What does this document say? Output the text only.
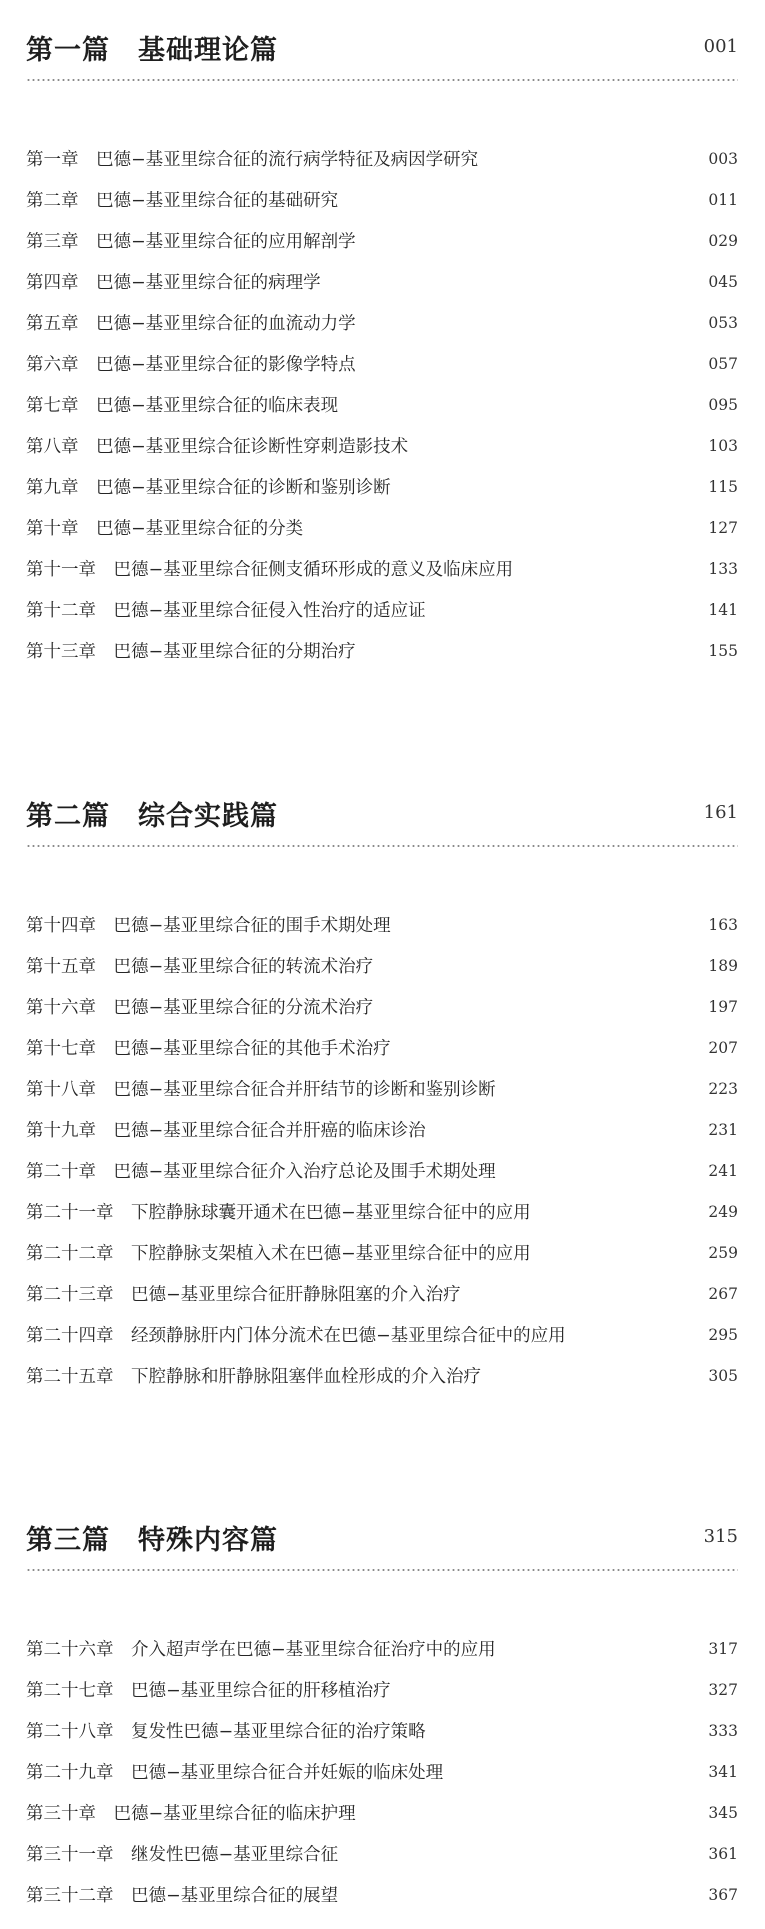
第一篇　基础理论篇	001
第一章　巴德−基亚里综合征的流行病学特征及病因学研究	003
第二章　巴德−基亚里综合征的基础研究	011
第三章　巴德−基亚里综合征的应用解剖学	029
第四章　巴德−基亚里综合征的病理学	045
第五章　巴德−基亚里综合征的血流动力学	053
第六章　巴德−基亚里综合征的影像学特点	057
第七章　巴德−基亚里综合征的临床表现	095
第八章　巴德−基亚里综合征诊断性穿刺造影技术	103
第九章　巴德−基亚里综合征的诊断和鉴别诊断	115
第十章　巴德−基亚里综合征的分类	127
第十一章　巴德−基亚里综合征侧支循环形成的意义及临床应用	133
第十二章　巴德−基亚里综合征侵入性治疗的适应证	141
第十三章　巴德−基亚里综合征的分期治疗	155
第二篇　综合实践篇	161
第十四章　巴德−基亚里综合征的围手术期处理	163
第十五章　巴德−基亚里综合征的转流术治疗	189
第十六章　巴德−基亚里综合征的分流术治疗	197
第十七章　巴德−基亚里综合征的其他手术治疗	207
第十八章　巴德−基亚里综合征合并肝结节的诊断和鉴别诊断	223
第十九章　巴德−基亚里综合征合并肝癌的临床诊治	231
第二十章　巴德−基亚里综合征介入治疗总论及围手术期处理	241
第二十一章　下腔静脉球囊开通术在巴德−基亚里综合征中的应用	249
第二十二章　下腔静脉支架植入术在巴德−基亚里综合征中的应用	259
第二十三章　巴德−基亚里综合征肝静脉阻塞的介入治疗	267
第二十四章　经颈静脉肝内门体分流术在巴德−基亚里综合征中的应用	295
第二十五章　下腔静脉和肝静脉阻塞伴血栓形成的介入治疗	305
第三篇　特殊内容篇	315
第二十六章　介入超声学在巴德−基亚里综合征治疗中的应用	317
第二十七章　巴德−基亚里综合征的肝移植治疗	327
第二十八章　复发性巴德−基亚里综合征的治疗策略	333
第二十九章　巴德−基亚里综合征合并妊娠的临床处理	341
第三十章　巴德−基亚里综合征的临床护理	345
第三十一章　继发性巴德−基亚里综合征	361
第三十二章　巴德−基亚里综合征的展望	367
